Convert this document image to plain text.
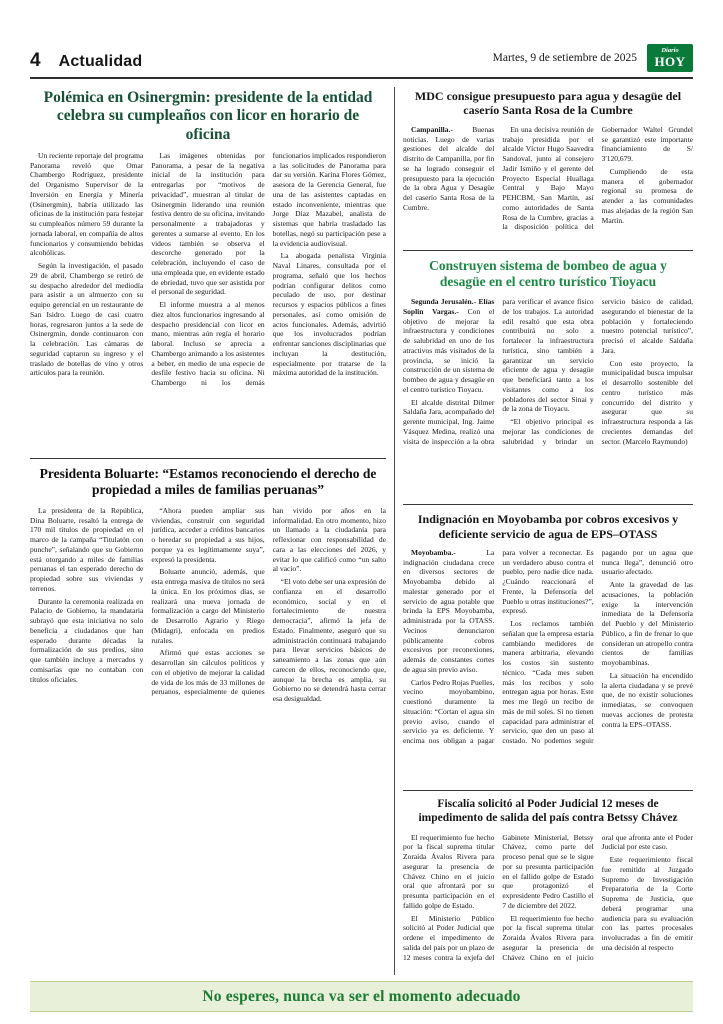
4 Actualidad	Martes, 9 de setiembre de 2025
Diario
HOY
Polémica en Osinergmin: presidente de la entidad celebra su cumpleaños con licor en horario de oficina

Un reciente reportaje del programa Panorama reveló que Omar Chambergo Rodríguez, presidente del Organismo Supervisor de la Inversión en Energía y Minería (Osinergmin), habría utilizado las oficinas de la institución para festejar su cumpleaños número 59 durante la jornada laboral, en compañía de altos funcionarios y consumiendo bebidas alcohólicas.

Según la investigación, el pasado 29 de abril, Chambergo se retiró de su despacho alrededor del mediodía para asistir a un almuerzo con su equipo gerencial en un restaurante de San Isidro. Luego de casi cuatro horas, regresaron juntos a la sede de Osinergmin, donde continuaron con la celebración. Las cámaras de seguridad captaron su ingreso y el traslado de botellas de vino y otros artículos para la reunión.

Las imágenes obtenidas por Panorama, a pesar de la negativa inicial de la institución para entregarlas por “motivos de privacidad”, muestran al titular de Osinergmin liderando una reunión festiva dentro de su oficina, invitando personalmente a trabajadoras y gerentes a sumarse al evento. En los videos también se observa el descorche generado por la celebración, incluyendo el caso de una empleada que, en evidente estado de ebriedad, tuvo que ser asistida por el personal de seguridad.

El informe muestra a al menos diez altos funcionarios ingresando al despacho presidencial con licor en mano, mientras aún regía el horario laboral. Incluso se aprecia a Chambergo animando a los asistentes a beber, en medio de una especie de desfile festivo hacia su oficina. Ni Chambergo ni los demás funcionarios implicados respondieron a las solicitudes de Panorama para dar su versión. Karina Flores Gómez, asesora de la Gerencia General, fue una de las asistentes captadas en estado inconveniente, mientras que Jorge Díaz Mazabel, analista de sistemas que habría trasladado las botellas, negó su participación pese a la evidencia audiovisual.

La abogada penalista Virginia Naval Linares, consultada por el programa, señaló que los hechos podrían configurar delitos como peculado de uso, por destinar recursos y espacios públicos a fines personales, así como omisión de actos funcionales. Además, advirtió que los involucrados podrían enfrentar sanciones disciplinarias que incluyan la destitución, especialmente por tratarse de la máxima autoridad de la institución.

Presidenta Boluarte: “Estamos reconociendo el derecho de propiedad a miles de familias peruanas”

La presidenta de la República, Dina Boluarte, resaltó la entrega de 170 mil títulos de propiedad en el marco de la campaña “Titulatón con punche”, señalando que su Gobierno está otorgando a miles de familias peruanas el tan esperado derecho de propiedad sobre sus viviendas y terrenos.

Durante la ceremonia realizada en Palacio de Gobierno, la mandataria subrayó que esta iniciativa no solo beneficia a ciudadanos que han esperado durante décadas la formalización de sus predios, sino que también incluye a mercados y comisarías que no contaban con títulos oficiales.

“Ahora pueden ampliar sus viviendas, construir con seguridad jurídica, acceder a créditos bancarios o heredar su propiedad a sus hijos, porque ya es legítimamente suya”, expresó la presidenta.

Boluarte anunció, además, que esta entrega masiva de títulos no será la única. En los próximos días, se realizará una nueva jornada de formalización a cargo del Ministerio de Desarrollo Agrario y Riego (Midagri), enfocada en predios rurales.

Afirmó que estas acciones se desarrollan sin cálculos políticos y con el objetivo de mejorar la calidad de vida de los más de 33 millones de peruanos, especialmente de quienes han vivido por años en la informalidad. En otro momento, hizo un llamado a la ciudadanía para reflexionar con responsabilidad de cara a las elecciones del 2026, y evitar lo que calificó como “un salto al vacío”.

“El voto debe ser una expresión de confianza en el desarrollo económico, social y en el fortalecimiento de nuestra democracia”, afirmó la jefa de Estado. Finalmente, aseguró que su administración continuará trabajando para llevar servicios básicos de saneamiento a las zonas que aún carecen de ellos, reconociendo que, aunque la brecha es amplia, su Gobierno no se detendrá hasta cerrar esa desigualdad.

MDC consigue presupuesto para agua y desagüe del caserío Santa Rosa de la Cumbre

Campanilla.- Buenas noticias. Luego de varias gestiones del alcalde del distrito de Campanilla, por fin se ha logrado conseguir el presupuesto para la ejecución de la obra Agua y Desagüe del caserío Santa Rosa de la Cumbre.

En una decisiva reunión de trabajo presidida por el alcalde Víctor Hugo Saavedra Sandoval, junto al consejero Jadir Ismiño y el gerente del Proyecto Especial Huallaga Central y Bajo Mayo PEHCBM, San Martín, así como autoridades de Santa Rosa de la Cumbre, gracias a la disposición política del Gobernador Waltel Grundel se garantizó este importante financiamiento de S/ 3'120,679.

Cumpliendo de esta manera el gobernador regional su promesa de atender a las comunidades mas alejadas de la región San Martín.

Construyen sistema de bombeo de agua y desagüe en el centro turístico Tioyacu

Segunda Jerusalén.- Elías Soplin Vargas.- Con el objetivo de mejorar la infraestructura y condiciones de salubridad en uno de los atractivos más visitados de la provincia, se inició la construcción de un sistema de bombeo de agua y desagüe en el centro turístico Tioyacu.

El alcalde distrital Dilmer Saldaña Jara, acompañado del gerente municipal, Ing. Jaime Vásquez Medina, realizó una visita de inspección a la obra para verificar el avance físico de los trabajos. La autoridad edil resaltó que esta obra contribuirá no solo a fortalecer la infraestructura turística, sino también a garantizar un servicio eficiente de agua y desagüe que beneficiará tanto a los visitantes como a los pobladores del sector Sinai y de la zona de Tioyacu.

“El objetivo principal es mejorar las condiciones de salubridad y brindar un servicio básico de calidad, asegurando el bienestar de la población y fortaleciendo nuestro potencial turístico”, precisó el alcalde Saldaña Jara.

Con este proyecto, la municipalidad busca impulsar el desarrollo sostenible del centro turístico más concurrido del distrito y asegurar que su infraestructura responda a las crecientes demandas del sector. (Marcelo Raymundo)

Indignación en Moyobamba por cobros excesivos y deficiente servicio de agua de EPS–OTASS

Moyobamba.- La indignación ciudadana crece en diversos sectores de Moyobamba debido al malestar generado por el servicio de agua potable que brinda la EPS Moyobamba, administrada por la OTASS. Vecinos denunciaron públicamente cobros excesivos por reconexiones, además de constantes cortes de agua sin previo aviso.

Carlos Pedro Rojas Puelles, vecino moyobambino, cuestionó duramente la situación: “Cortan el agua sin previo aviso, cuando el servicio ya es deficiente. Y encima nos obligan a pagar para volver a reconectar. Es un verdadero abuso contra el pueblo, pero nadie dice nada. ¿Cuándo reaccionará el Frente, la Defensoría del Pueblo u otras instituciones?”, expresó.

Los reclamos también señalan que la empresa estaría cambiando medidores de manera arbitraria, elevando los costos sin sustento técnico. “Cada mes suben más los recibos y solo entregan agua por horas. Este mes me llegó un recibo de más de mil soles. Si no tienen capacidad para administrar el servicio, que den un paso al costado. No podemos seguir pagando por un agua que nunca llega”, denunció otro usuario afectado.

Ante la gravedad de las acusaciones, la población exige la intervención inmediata de la Defensoría del Pueblo y del Ministerio Público, a fin de frenar lo que consideran un atropello contra cientos de familias moyobambinas.

La situación ha encendido la alerta ciudadana y se prevé que, de no existir soluciones inmediatas, se convoquen nuevas acciones de protesta contra la EPS–OTASS.

Fiscalía solicitó al Poder Judicial 12 meses de impedimento de salida del país contra Betssy Chávez

El requerimiento fue hecho por la fiscal suprema titular Zoraida Ávalos Rivera para asegurar la presencia de Chávez Chino en el juicio oral que afrontará por su presunta participación en el fallido golpe de Estado.

El Ministerio Público solicitó al Poder Judicial que ordene el impedimento de salida del país por un plazo de 12 meses contra la exjefa del Gabinete Ministerial, Betssy Chávez, como parte del proceso penal que se le sigue por su presunta participación en el fallido golpe de Estado que protagonizó el expresidente Pedro Castillo el 7 de diciembre del 2022.

El requerimiento fue hecho por la fiscal suprema titular Zoraida Ávalos Rivera para asegurar la presencia de Chávez Chino en el juicio oral que afronta ante el Poder Judicial por este caso.

Este requerimiento fiscal fue remitido al Juzgado Supremo de Investigación Preparatoria de la Corte Suprema de Justicia, que deberá programar una audiencia para su evaluación con las partes procesales involucradas a fin de emitir una decisión al respecto

No esperes, nunca va ser el momento adecuado
